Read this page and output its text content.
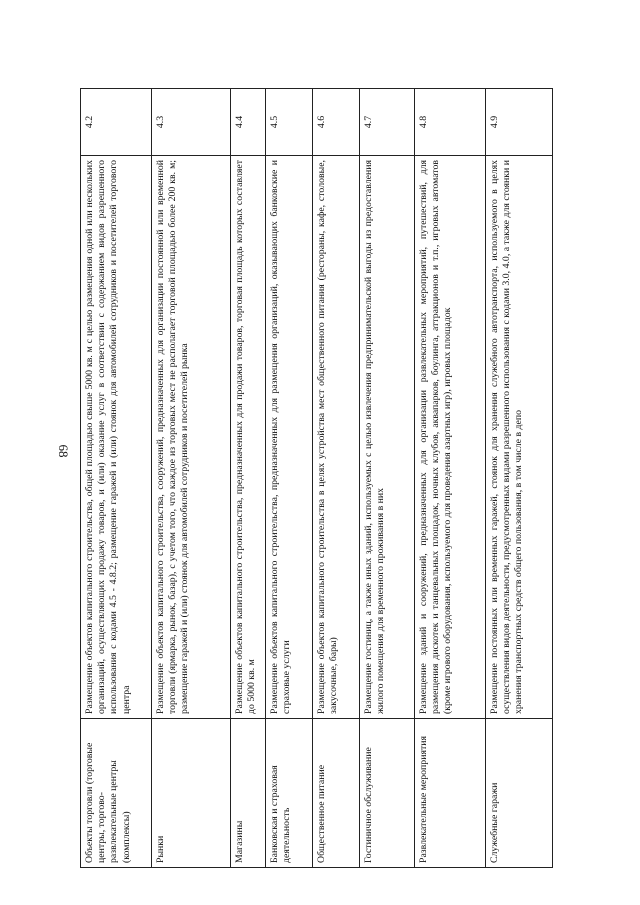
68
Объекты торговли (торговые центры, торгово-развлекательные центры (комплексы)	Размещение объектов капитального строительства, общей площадью свыше 5000 кв. м с целью размещения одной или нескольких организаций, осуществляющих продажу товаров, и (или) оказание услуг в соответствии с содержанием видов разрешенного использования с кодами 4.5 - 4.8.2; размещение гаражей и (или) стоянок для автомобилей сотрудников и посетителей торгового центра	4.2
Рынки	Размещение объектов капитального строительства, сооружений, предназначенных для организации постоянной или временной торговли (ярмарка, рынок, базар), с учетом того, что каждое из торговых мест не располагает торговой площадью более 200 кв. м; размещение гаражей и (или) стоянок для автомобилей сотрудников и посетителей рынка	4.3
Магазины	Размещение объектов капитального строительства, предназначенных для продажи товаров, торговая площадь которых составляет до 5000 кв. м	4.4
Банковская и страховая деятельность	Размещение объектов капитального строительства, предназначенных для размещения организаций, оказывающих банковские и страховые услуги	4.5
Общественное питание	Размещение объектов капитального строительства в целях устройства мест общественного питания (рестораны, кафе, столовые, закусочные, бары)	4.6
Гостиничное обслуживание	Размещение гостиниц, а также иных зданий, используемых с целью извлечения предпринимательской выгоды из предоставления жилого помещения для временного проживания в них	4.7
Развлекательные мероприятия	Размещение зданий и сооружений, предназначенных для организации развлекательных мероприятий, путешествий, для размещения дискотек и танцевальных площадок, ночных клубов, аквапарков, боулинга, аттракционов и т.п., игровых автоматов (кроме игрового оборудования, используемого для проведения азартных игр), игровых площадок	4.8
Служебные гаражи	Размещение постоянных или временных гаражей, стоянок для хранения служебного автотранспорта, используемого в целях осуществления видов деятельности, предусмотренных видами разрешенного использования с кодами 3.0, 4.0, а также для стоянки и хранения транспортных средств общего пользования, в том числе в депо	4.9
